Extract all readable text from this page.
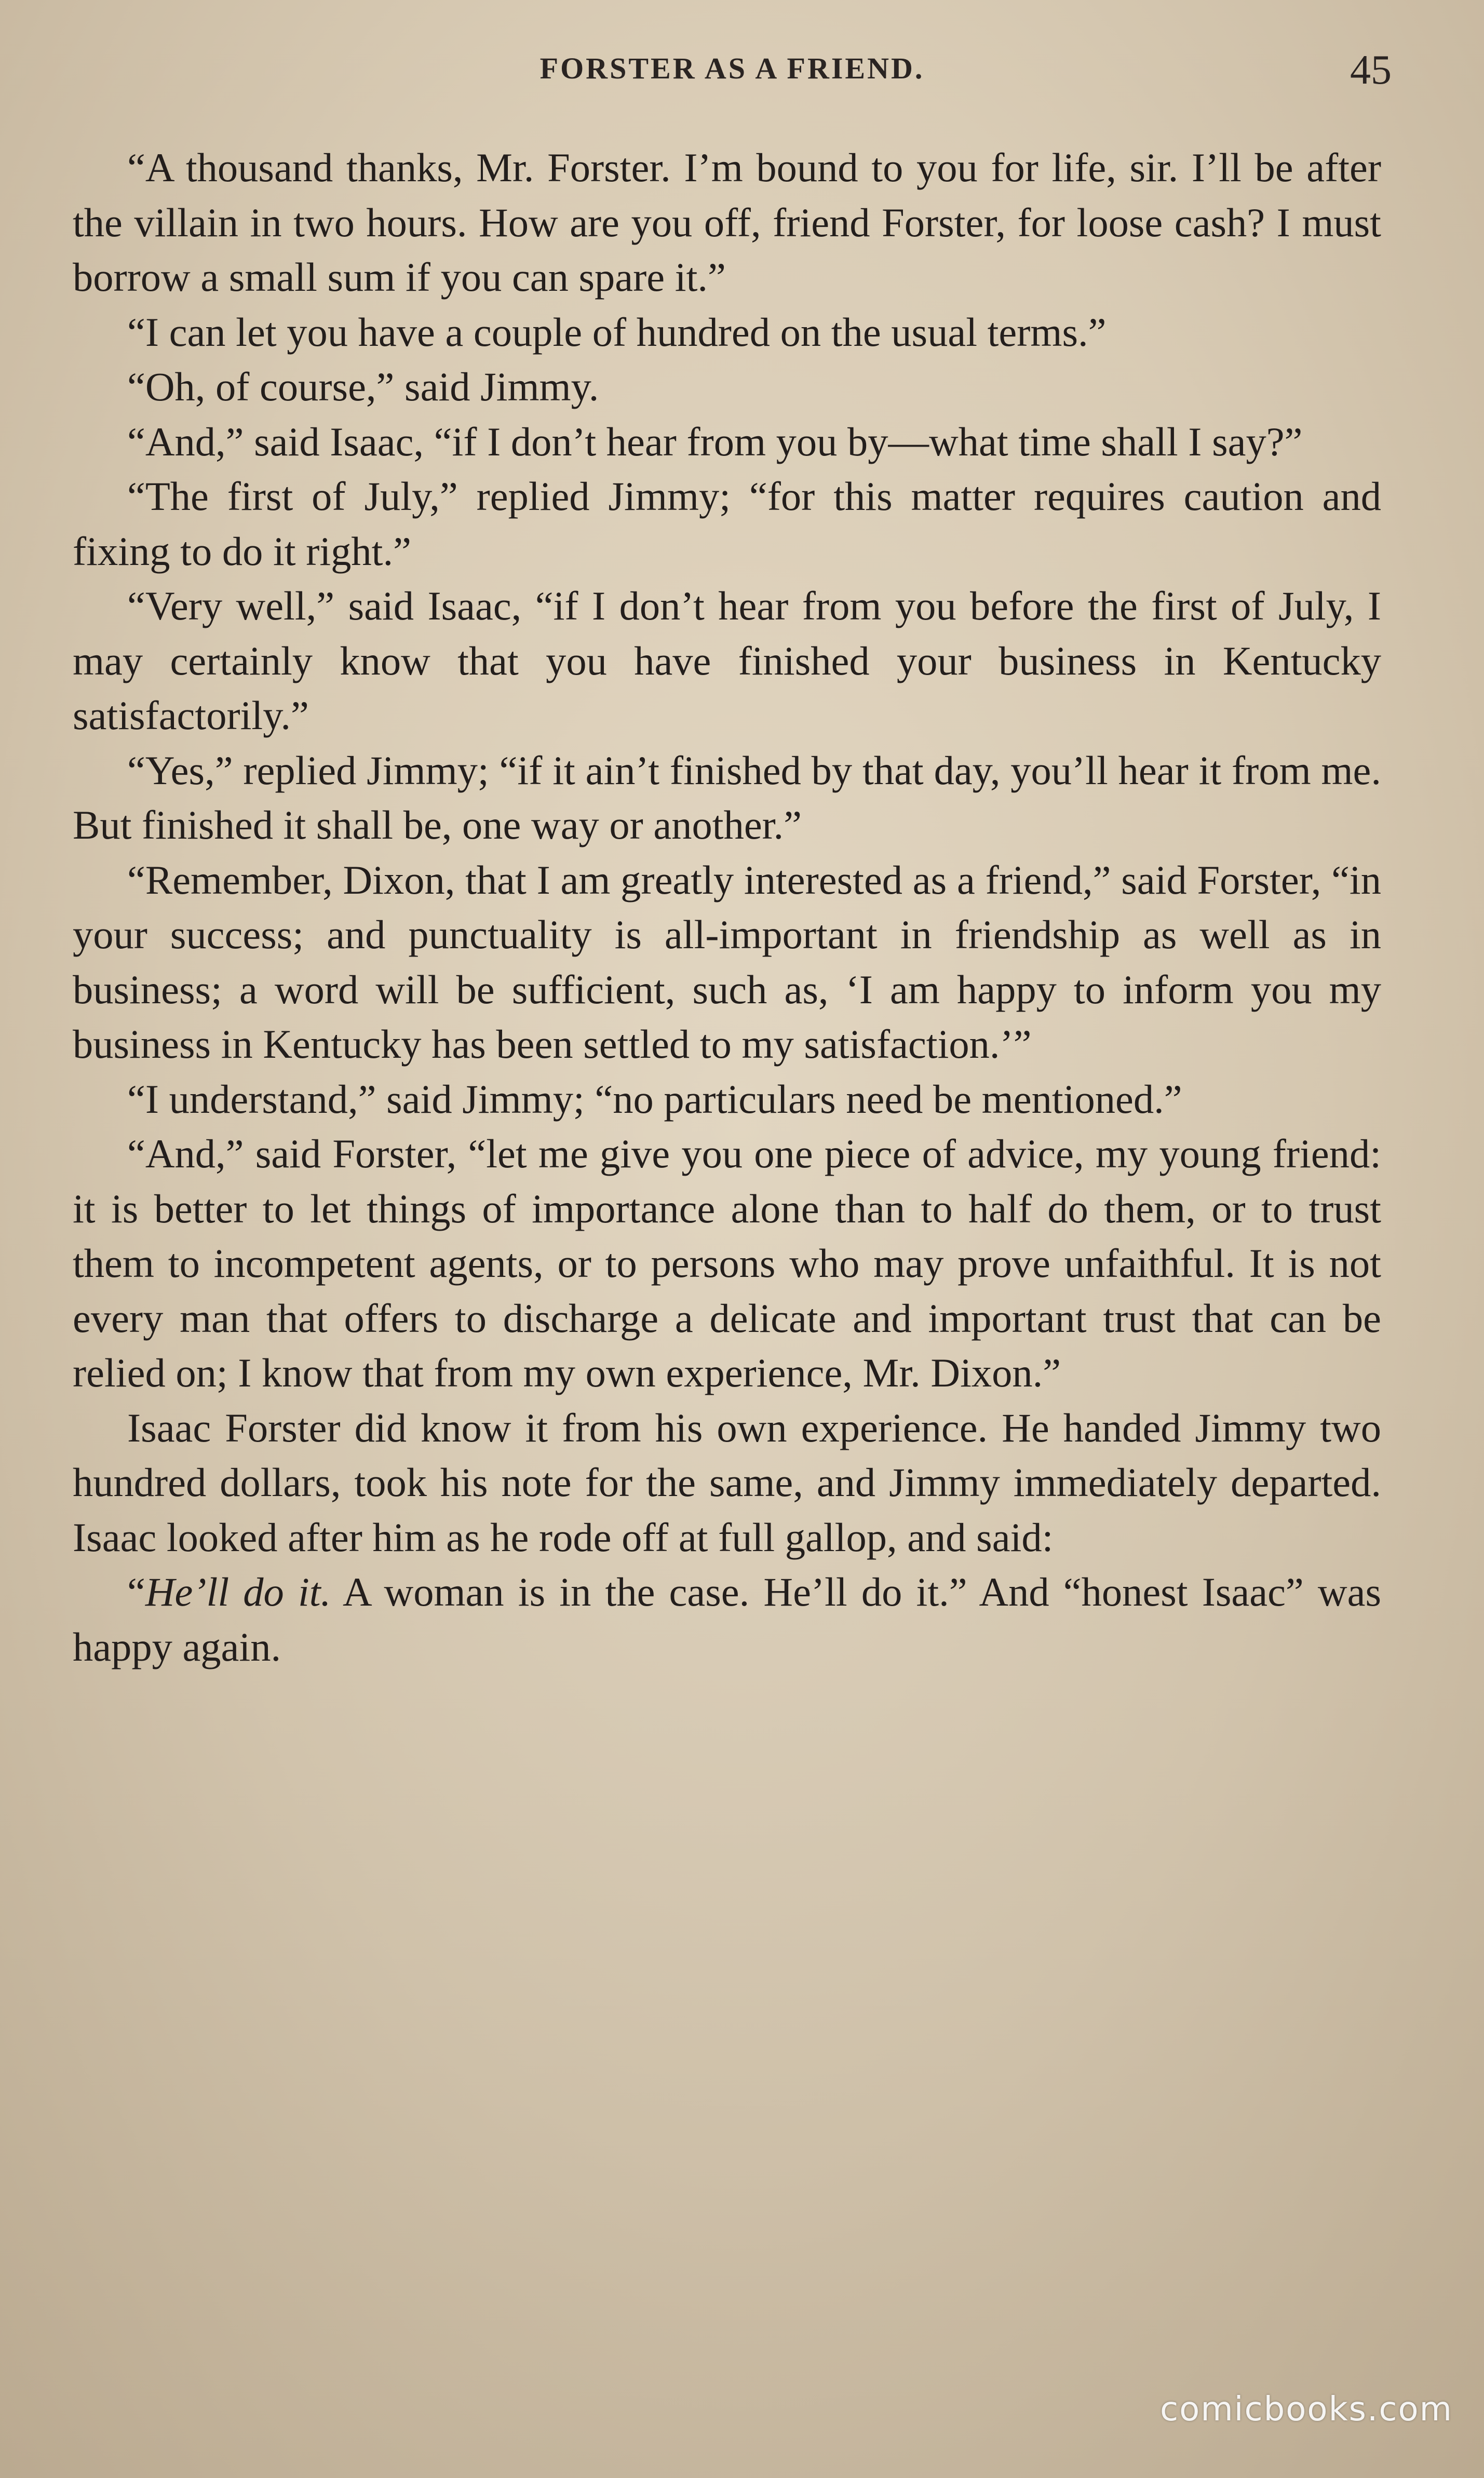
FORSTER AS A FRIEND.	45

“A thousand thanks, Mr. Forster. I’m bound to you for life, sir. I’ll be after the villain in two hours. How are you off, friend Forster, for loose cash? I must borrow a small sum if you can spare it.”

“I can let you have a couple of hundred on the usual terms.”

“Oh, of course,” said Jimmy.

“And,” said Isaac, “if I don’t hear from you by—what time shall I say?”

“The first of July,” replied Jimmy; “for this matter requires caution and fixing to do it right.”

“Very well,” said Isaac, “if I don’t hear from you before the first of July, I may certainly know that you have finished your business in Kentucky satisfactorily.”

“Yes,” replied Jimmy; “if it ain’t finished by that day, you’ll hear it from me. But finished it shall be, one way or another.”

“Remember, Dixon, that I am greatly interested as a friend,” said Forster, “in your success; and punctuality is all-important in friendship as well as in business; a word will be sufficient, such as, ‘I am happy to inform you my business in Kentucky has been settled to my satisfaction.’”

“I understand,” said Jimmy; “no particulars need be mentioned.”

“And,” said Forster, “let me give you one piece of advice, my young friend: it is better to let things of importance alone than to half do them, or to trust them to incompetent agents, or to persons who may prove unfaithful. It is not every man that offers to discharge a delicate and important trust that can be relied on; I know that from my own experience, Mr. Dixon.”

Isaac Forster did know it from his own experience. He handed Jimmy two hundred dollars, took his note for the same, and Jimmy immediately departed. Isaac looked after him as he rode off at full gallop, and said:

“He’ll do it. A woman is in the case. He’ll do it.” And “honest Isaac” was happy again.

comicbooks.com
